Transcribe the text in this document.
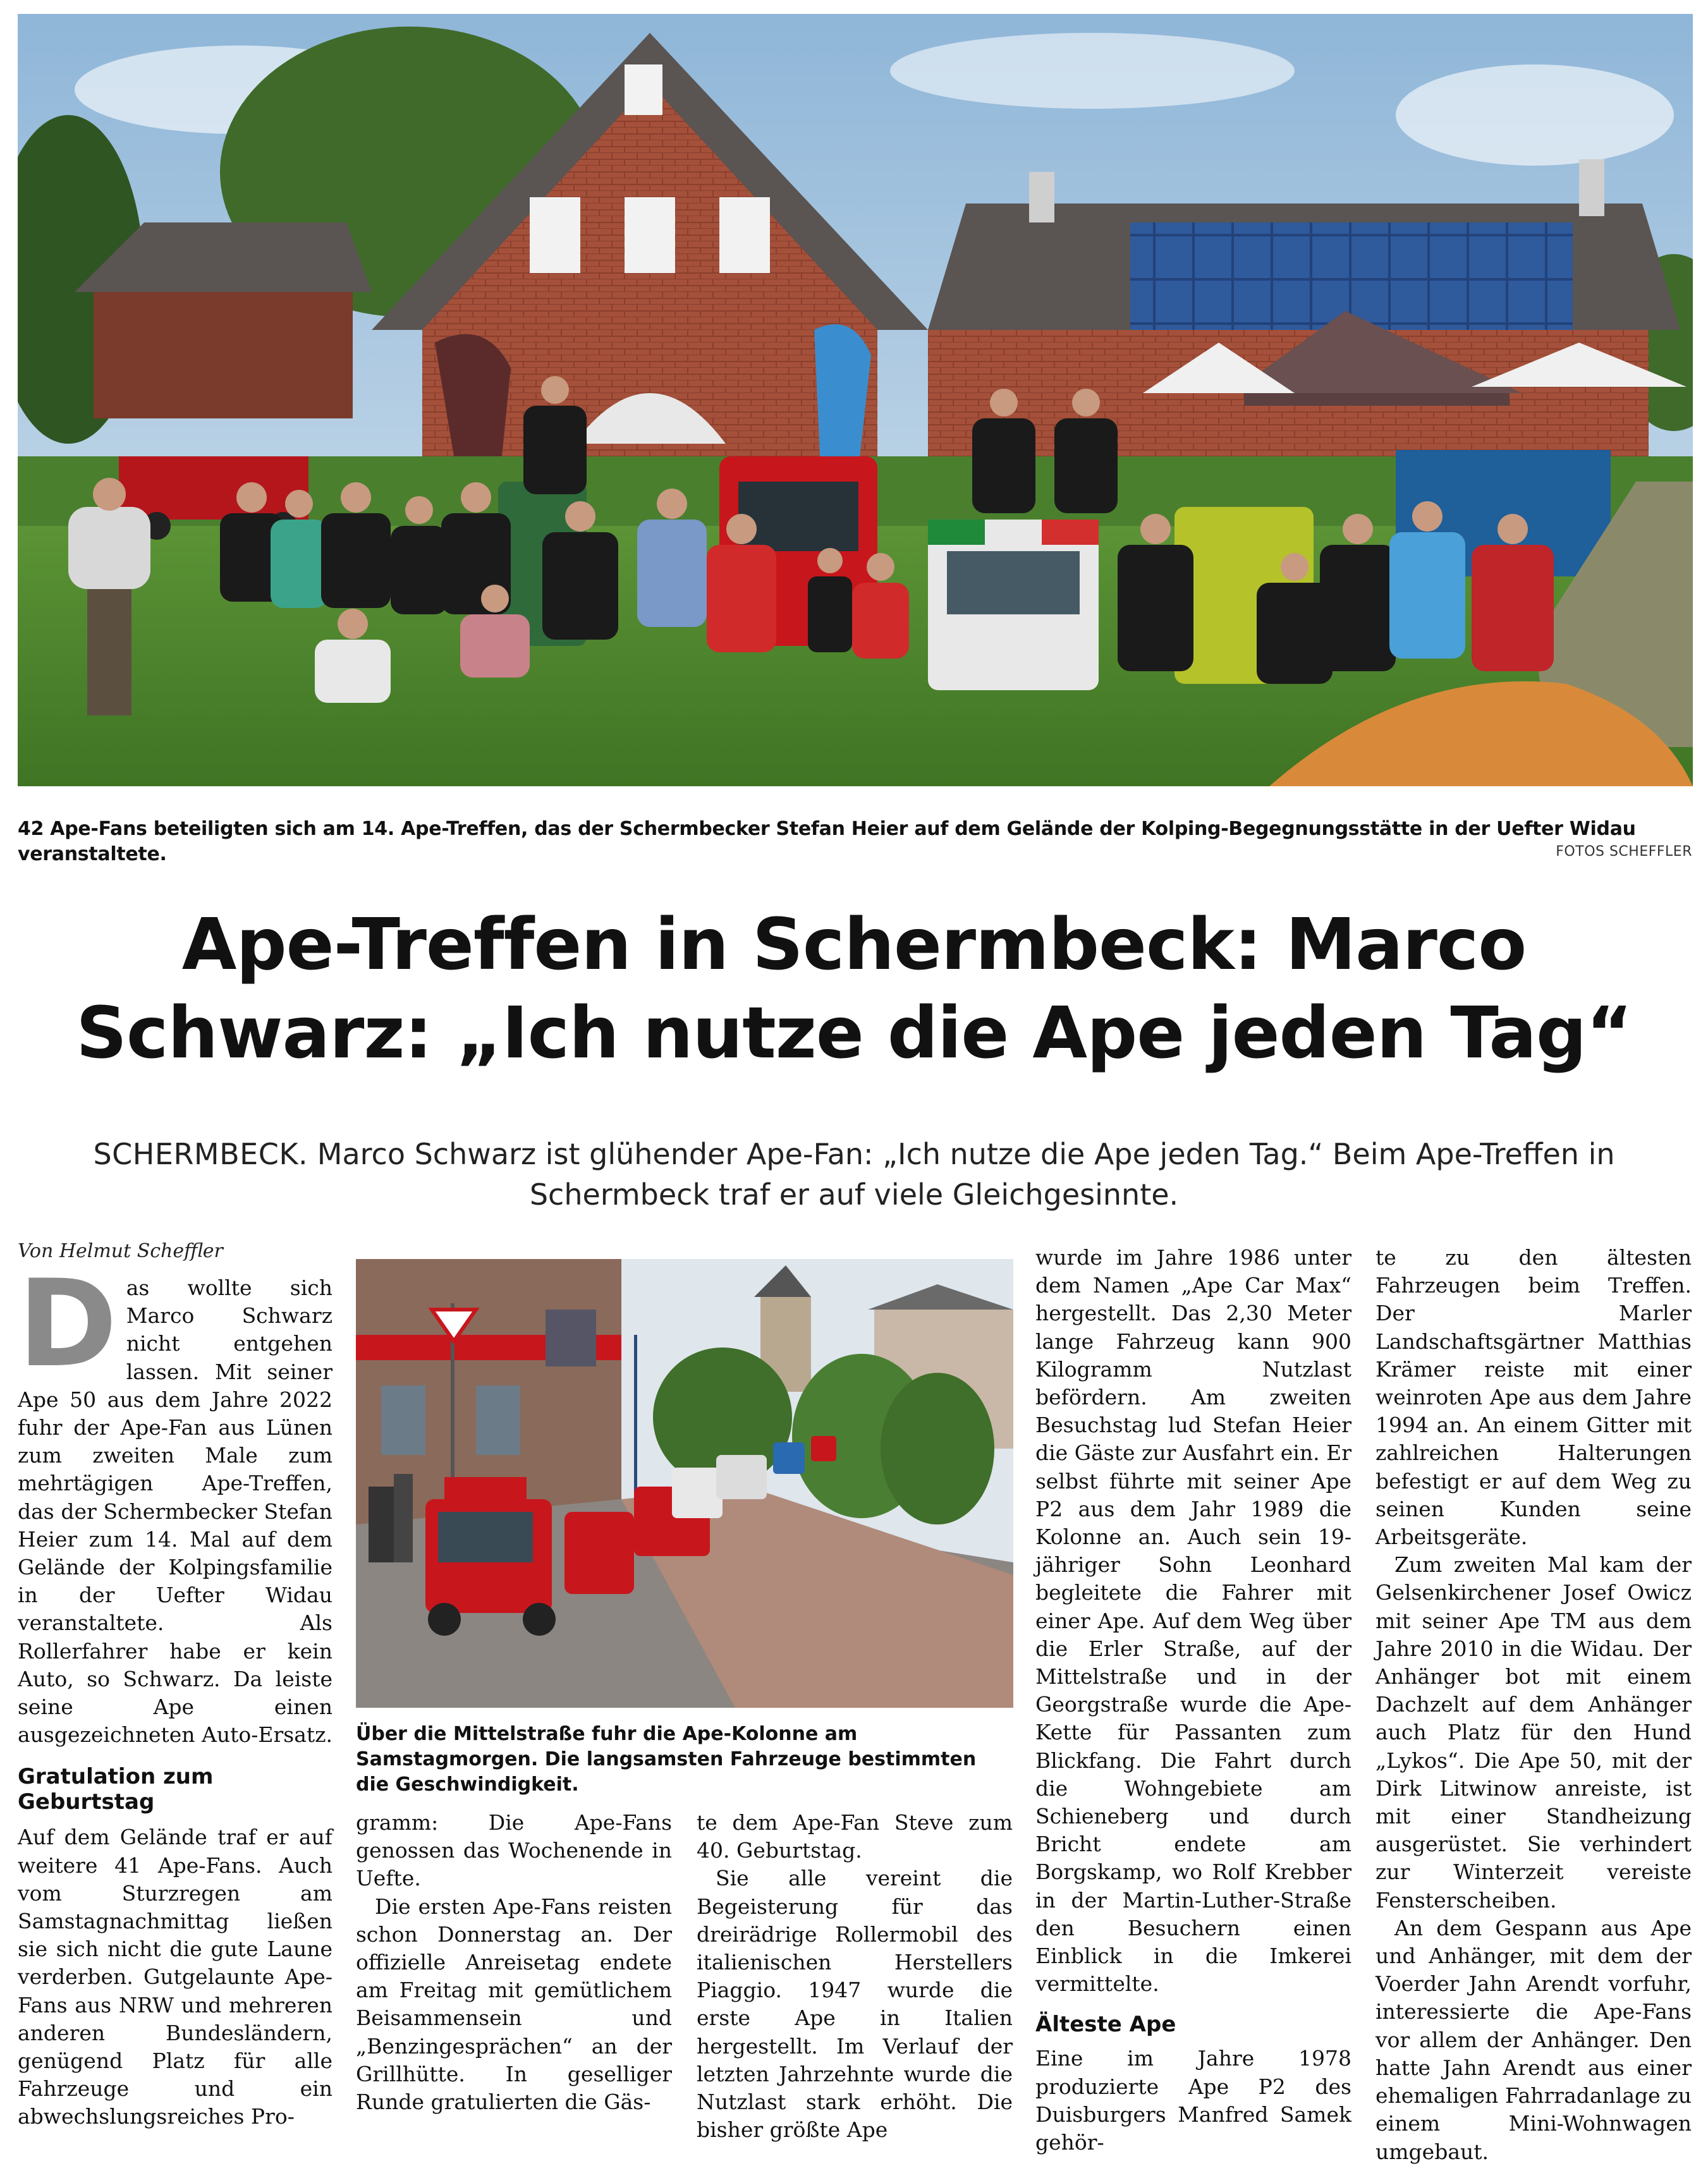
42 Ape-Fans beteiligten sich am 14. Ape-Treffen, das der Schermbecker Stefan Heier auf dem Gelände der Kolping-Begegnungsstätte in der Uefter Widau veranstaltete.	FOTOS SCHEFFLER
Ape-Treffen in Schermbeck: Marco
Schwarz: „Ich nutze die Ape jeden Tag“
SCHERMBECK. Marco Schwarz ist glühender Ape-Fan: „Ich nutze die Ape jeden Tag.“ Beim Ape-Treffen in Schermbeck traf er auf viele Gleichgesinnte.
Von Helmut Scheffler
Über die Mittelstraße fuhr die Ape-Kolonne am Samstagmorgen. Die langsamsten Fahrzeuge bestimmten die Geschwindigkeit.

Das wollte sich Marco Schwarz nicht entgehen lassen. Mit seiner Ape 50 aus dem Jahre 2022 fuhr der Ape-Fan aus Lünen zum zweiten Male zum mehrtägigen Ape-Treffen, das der Schermbecker Stefan Heier zum 14. Mal auf dem Gelände der Kolpingsfamilie in der Uefter Widau veranstaltete. Als Rollerfahrer habe er kein Auto, so Schwarz. Da leiste seine Ape einen ausgezeichneten Auto-Ersatz.

Gratulation zum Geburtstag

Auf dem Gelände traf er auf weitere 41 Ape-Fans. Auch vom Sturzregen am Samstagnachmittag ließen sie sich nicht die gute Laune verderben. Gutgelaunte Ape-Fans aus NRW und mehreren anderen Bundesländern, genügend Platz für alle Fahrzeuge und ein abwechslungsreiches Pro-

gramm: Die Ape-Fans genossen das Wochenende in Uefte.

Die ersten Ape-Fans reisten schon Donnerstag an. Der offizielle Anreisetag endete am Freitag mit gemütlichem Beisammensein und „Benzingesprächen“ an der Grillhütte. In geselliger Runde gratulierten die Gäs-

te dem Ape-Fan Steve zum 40. Geburtstag.

Sie alle vereint die Begeisterung für das dreirädrige Rollermobil des italienischen Herstellers Piaggio. 1947 wurde die erste Ape in Italien hergestellt. Im Verlauf der letzten Jahrzehnte wurde die Nutzlast stark erhöht. Die bisher größte Ape

wurde im Jahre 1986 unter dem Namen „Ape Car Max“ hergestellt. Das 2,30 Meter lange Fahrzeug kann 900 Kilogramm Nutzlast befördern. Am zweiten Besuchstag lud Stefan Heier die Gäste zur Ausfahrt ein. Er selbst führte mit seiner Ape P2 aus dem Jahr 1989 die Kolonne an. Auch sein 19-jähriger Sohn Leonhard begleitete die Fahrer mit einer Ape. Auf dem Weg über die Erler Straße, auf der Mittelstraße und in der Georgstraße wurde die Ape-Kette für Passanten zum Blickfang. Die Fahrt durch die Wohngebiete am Schieneberg und durch Bricht endete am Borgskamp, wo Rolf Krebber in der Martin-Luther-Straße den Besuchern einen Einblick in die Imkerei vermittelte.

Älteste Ape

Eine im Jahre 1978 produzierte Ape P2 des Duisburgers Manfred Samek gehör-

te zu den ältesten Fahrzeugen beim Treffen. Der Marler Landschaftsgärtner Matthias Krämer reiste mit einer weinroten Ape aus dem Jahre 1994 an. An einem Gitter mit zahlreichen Halterungen befestigt er auf dem Weg zu seinen Kunden seine Arbeitsgeräte.

Zum zweiten Mal kam der Gelsenkirchener Josef Owicz mit seiner Ape TM aus dem Jahre 2010 in die Widau. Der Anhänger bot mit einem Dachzelt auf dem Anhänger auch Platz für den Hund „Lykos“. Die Ape 50, mit der Dirk Litwinow anreiste, ist mit einer Standheizung ausgerüstet. Sie verhindert zur Winterzeit vereiste Fensterscheiben.

An dem Gespann aus Ape und Anhänger, mit dem der Voerder Jahn Arendt vorfuhr, interessierte die Ape-Fans vor allem der Anhänger. Den hatte Jahn Arendt aus einer ehemaligen Fahrradanlage zu einem Mini-Wohnwagen umgebaut.
